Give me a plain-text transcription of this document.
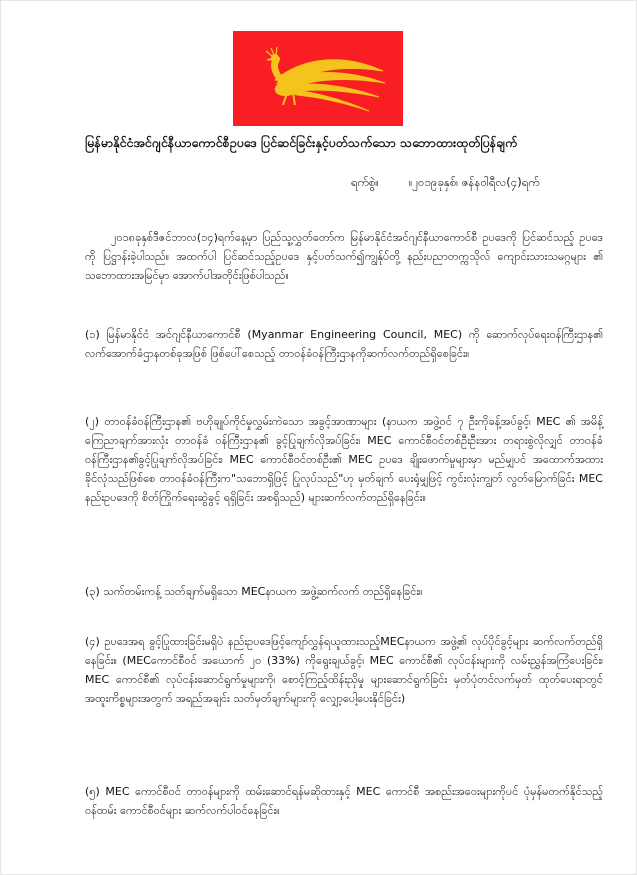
မြန်မာနိုင်ငံအင်ဂျင်နီယာကောင်စီဥပဒေ ပြင်ဆင်ခြင်းနှင့်ပတ်သက်သော သဘောထားထုတ်ပြန်ချက်
ရက်စွဲ။	။၂၀၁၉ခုနှစ်၊ ဇန်နဝါရီလ(၄)ရက်

၂၀၁၈ခုနှစ်ဒီဇင်ဘာလ(၁၄)ရက်နေ့မှာ ပြည်သူ့လွှတ်တော်က မြန်မာနိုင်ငံအင်ဂျင်နီယာကောင်စီ ဥပဒေကို ပြင်ဆင်သည့် ဥပဒေကို ပြဋ္ဌာန်းခဲ့ပါသည်။ အထက်ပါ ပြင်ဆင်သည့်ဥပဒေ နှင့်ပတ်သက်၍ကျွန်ုပ်တို့ နည်းပညာတက္ကသိုလ် ကျောင်းသားသမဂ္ဂများ ၏ သဘောထားအမြင်မှာ အောက်ပါအတိုင်းဖြစ်ပါသည်။

(၁) မြန်မာနိုင်ငံ အင်ဂျင်နီယာကောင်စီ (Myanmar Engineering Council, MEC) ကို ဆောက်လုပ်ရေးဝန်ကြီးဌာန၏ လက်အောက်ခံဌာနတစ်ခုအဖြစ် ဖြစ်ပေါ်စေသည့် တာဝန်ခံဝန်ကြီးဌာနကိုဆက်လက်တည်ရှိစေခြင်း။

(၂) တာဝန်ခံဝန်ကြီးဌာန၏ ဗဟိုချုပ်ကိုင်မှုလွှမ်းကဲသော အခွင့်အာဏာများ (နာယက အဖွဲ့ဝင် ၇ ဦးကိုခန့်အပ်ခွင့်၊ MEC ၏ အမိန့်ကြေညာချက်အားလုံး တာဝန်ခံ ဝန်ကြီးဌာန၏ ခွင့်ပြုချက်လိုအပ်ခြင်း၊ MEC ကောင်စီဝင်တစ်ဦးဦးအား တရားစွဲလိုလျှင် တာဝန်ခံဝန်ကြီးဌာန၏ခွင့်ပြုချက်လိုအပ်ခြင်း၊ MEC ကောင်စီဝင်တစ်ဦး၏ MEC ဥပဒေ ချိုးဖောက်မှုများမှာ မည်မျှပင် အထောက်အထားခိုင်လုံသည်ဖြစ်စေ တာဝန်ခံဝန်ကြီးက"သဘောရှိဖြင့် ပြုလုပ်သည်"ဟု မှတ်ချက် ပေးရုံမျှဖြင့် ကွင်းလုံးကျွတ် လွတ်မြောက်ခြင်း MEC နည်းဥပဒေကို စိတ်ကြိုက်ရေးဆွဲခွင့် ရရှိခြင်း အစရှိသည်) များဆက်လက်တည်ရှိနေခြင်း။

(၃) သက်တမ်းကန့် သတ်ချက်မရှိသော MECနာယက အဖွဲ့ဆက်လက် တည်ရှိနေခြင်း။

(၄) ဥပဒေအရ ခွင့်ပြုထားခြင်းမရှိပဲ နည်းဥပဒေဖြင့်ကျော်လွှန်ရယူထားသည့်MECနာယက အဖွဲ့၏ လုပ်ပိုင်ခွင့်များ ဆက်လက်တည်ရှိနေခြင်း။ (MECကောင်စီဝင် အယောက် ၂၀ (33%) ကိုရွေးချယ်ခွင့်၊ MEC ကောင်စီ၏ လုပ်ငန်းများကို လမ်းညွှန်အကြံပေးခြင်း၊ MEC ကောင်စီ၏ လုပ်ငန်းဆောင်ရွက်မှုများကို၊ စောင့်ကြည့်ထိန်းညှိမှု များဆောင်ရွက်ခြင်း မှတ်ပုံတင်လက်မှတ် ထုတ်ပေးရာတွင် အထူးကိစ္စများအတွက် အရည်အချင်း သတ်မှတ်ချက်များကို လျှော့ပေါ့ပေးနိုင်ခြင်း)

(၅) MEC ကောင်စီဝင် တာဝန်များကို ထမ်းဆောင်ရန်မဆိုထားနှင့် MEC ကောင်စီ အစည်းအဝေးများကိုပင် ပုံမှန်မတက်နိုင်သည့်ဝန်ထမ်း ကောင်စီဝင်များ ဆက်လက်ပါဝင်နေခြင်း။
